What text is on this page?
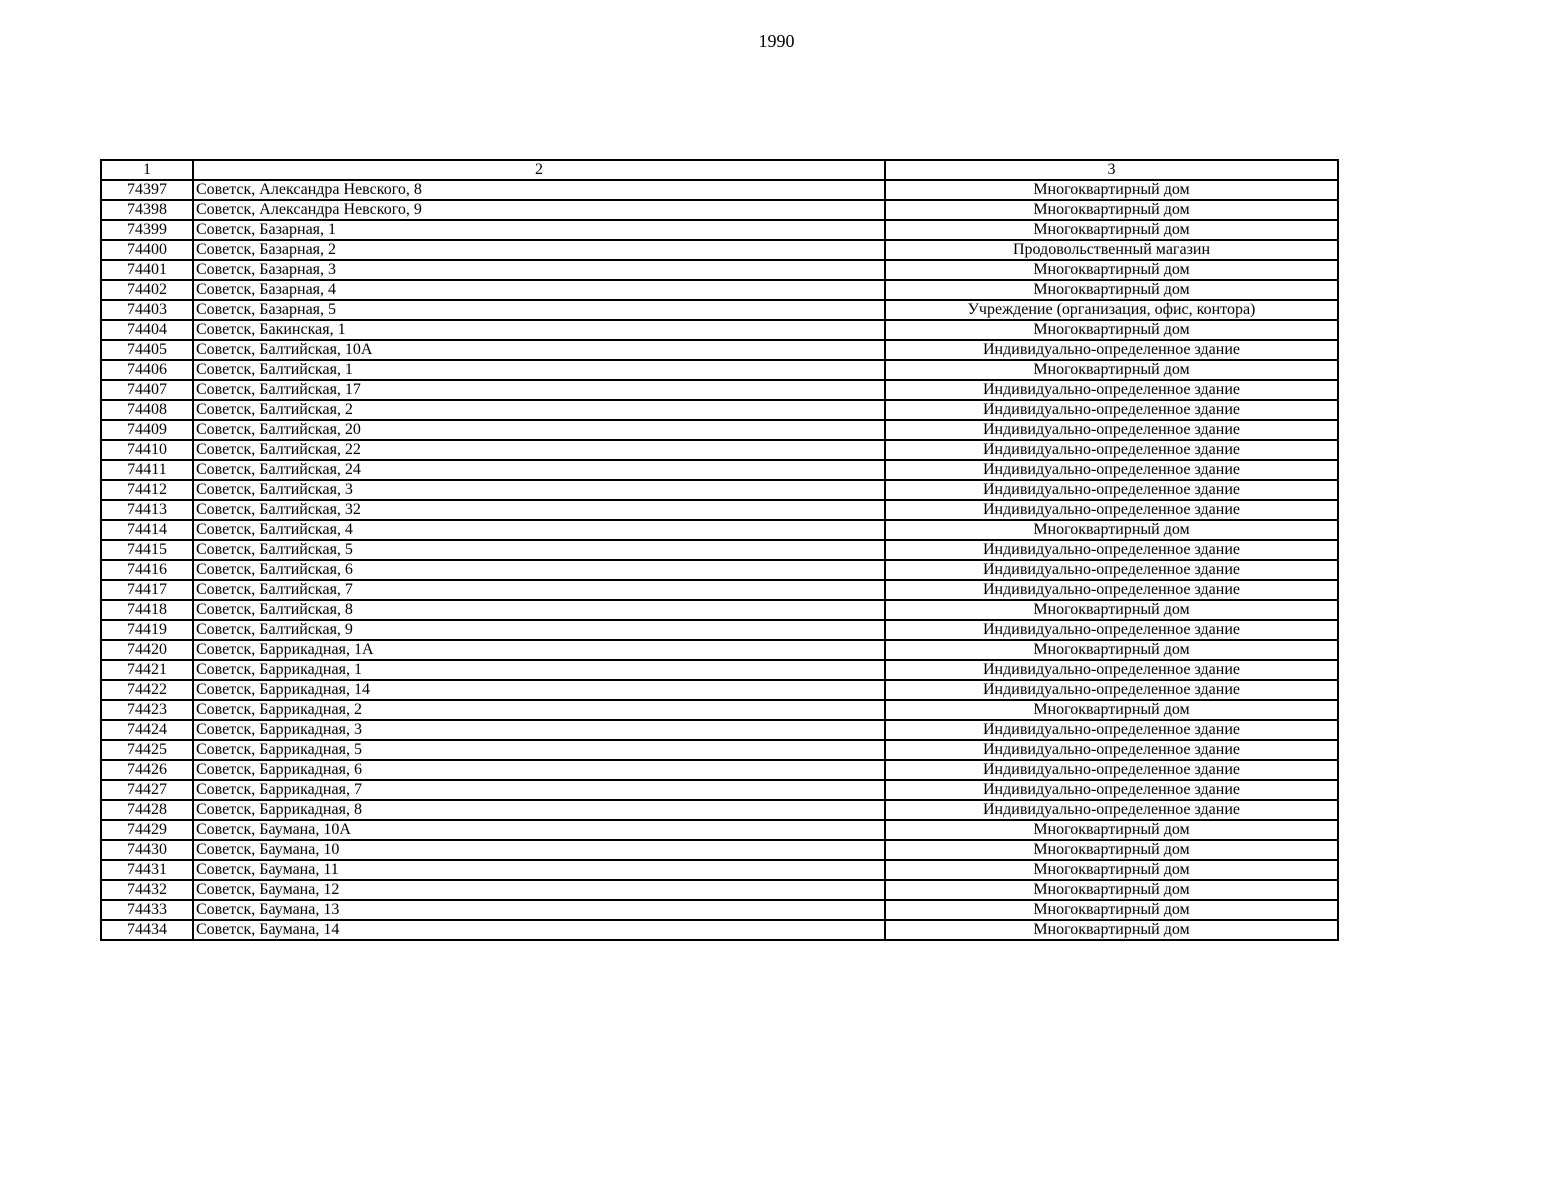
1990
1	2	3
74397	Советск, Александра Невского, 8	Многоквартирный дом
74398	Советск, Александра Невского, 9	Многоквартирный дом
74399	Советск, Базарная, 1	Многоквартирный дом
74400	Советск, Базарная, 2	Продовольственный магазин
74401	Советск, Базарная, 3	Многоквартирный дом
74402	Советск, Базарная, 4	Многоквартирный дом
74403	Советск, Базарная, 5	Учреждение (организация, офис, контора)
74404	Советск, Бакинская, 1	Многоквартирный дом
74405	Советск, Балтийская, 10А	Индивидуально-определенное здание
74406	Советск, Балтийская, 1	Многоквартирный дом
74407	Советск, Балтийская, 17	Индивидуально-определенное здание
74408	Советск, Балтийская, 2	Индивидуально-определенное здание
74409	Советск, Балтийская, 20	Индивидуально-определенное здание
74410	Советск, Балтийская, 22	Индивидуально-определенное здание
74411	Советск, Балтийская, 24	Индивидуально-определенное здание
74412	Советск, Балтийская, 3	Индивидуально-определенное здание
74413	Советск, Балтийская, 32	Индивидуально-определенное здание
74414	Советск, Балтийская, 4	Многоквартирный дом
74415	Советск, Балтийская, 5	Индивидуально-определенное здание
74416	Советск, Балтийская, 6	Индивидуально-определенное здание
74417	Советск, Балтийская, 7	Индивидуально-определенное здание
74418	Советск, Балтийская, 8	Многоквартирный дом
74419	Советск, Балтийская, 9	Индивидуально-определенное здание
74420	Советск, Баррикадная, 1А	Многоквартирный дом
74421	Советск, Баррикадная, 1	Индивидуально-определенное здание
74422	Советск, Баррикадная, 14	Индивидуально-определенное здание
74423	Советск, Баррикадная, 2	Многоквартирный дом
74424	Советск, Баррикадная, 3	Индивидуально-определенное здание
74425	Советск, Баррикадная, 5	Индивидуально-определенное здание
74426	Советск, Баррикадная, 6	Индивидуально-определенное здание
74427	Советск, Баррикадная, 7	Индивидуально-определенное здание
74428	Советск, Баррикадная, 8	Индивидуально-определенное здание
74429	Советск, Баумана, 10А	Многоквартирный дом
74430	Советск, Баумана, 10	Многоквартирный дом
74431	Советск, Баумана, 11	Многоквартирный дом
74432	Советск, Баумана, 12	Многоквартирный дом
74433	Советск, Баумана, 13	Многоквартирный дом
74434	Советск, Баумана, 14	Многоквартирный дом
